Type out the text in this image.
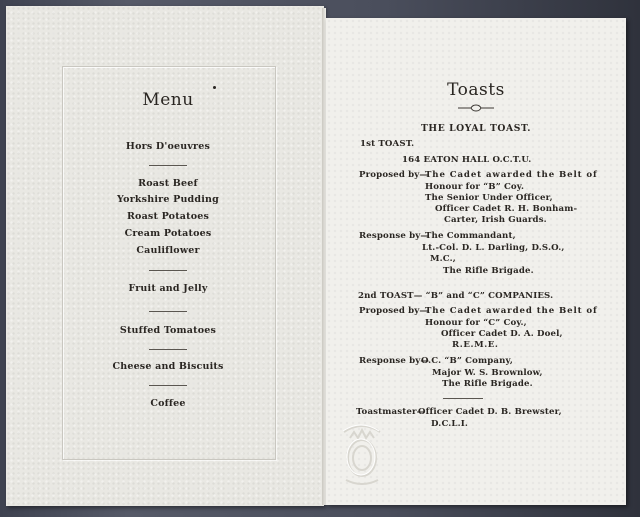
Menu
Hors D'oeuvres
Roast Beef
Yorkshire Pudding
Roast Potatoes
Cream Potatoes
Cauliflower
Fruit and Jelly
Stuffed Tomatoes
Cheese and Biscuits
Coffee
Toasts
THE LOYAL TOAST.
1st TOAST.
164 EATON HALL O.C.T.U.
Proposed by—
The Cadet awarded the Belt of
Honour for “B” Coy.
The Senior Under Officer,
Officer Cadet R. H. Bonham-
Carter, Irish Guards.
Response by—
The Commandant,
Lt.-Col. D. L. Darling, D.S.O.,
M.C.,
The Rifle Brigade.
2nd TOAST— “B” and “C” COMPANIES.
Proposed by—
The Cadet awarded the Belt of
Honour for “C” Coy.,
Officer Cadet D. A. Doel,
R.E.M.E.
Response by—
O.C. “B” Company,
Major W. S. Brownlow,
The Rifle Brigade.
Toastmaster—
Officer Cadet D. B. Brewster,
D.C.L.I.
